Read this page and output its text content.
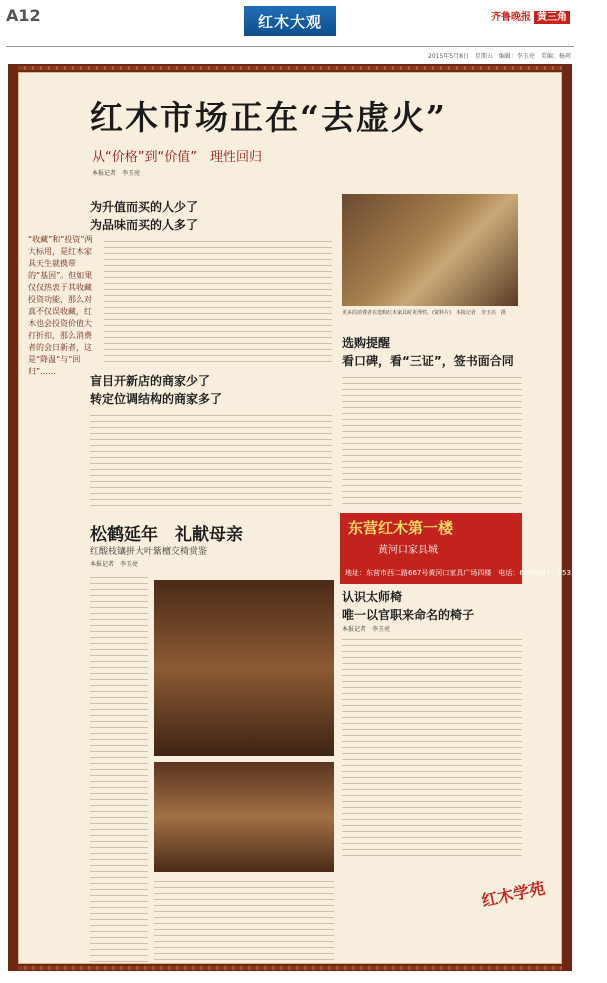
A12	红木大观	齐鲁晚报 黄三角
2015年5月8日　星期五　编辑：李玉亮　美编：杨珂
红木市场正在“去虚火”
从“价格”到“价值”　理性回归
本报记者　李玉亮
“收藏”和“投资”两大标用，是红木家具天生就携带的“基因”。但如果仅仅热衷于其收藏投资功能，那么对真不仅误收藏，红木也会投资价值大打折扣，那么消费者的会日新者，这是“降温”与“回归”……
为升值而买的人少了
为品味而买的人多了
盲目开新店的商家少了
转定位调结构的商家多了
更多的消费者在选购红木家具时更理性。(资料片)　本报记者　李玉亮　摄
选购提醒
看口碑，看“三证”，签书面合同
东营红木第一楼
黄河口家具城
地址：东营市西二路667号黄河口家具广场四楼　电话：6066241　15315033366
松鹤延年　礼献母亲
红酸枝镶拼大叶紫檀交椅赏鉴
本报记者　李玉亮
认识太师椅
唯一以官职来命名的椅子
本报记者　李玉亮
红木学苑
